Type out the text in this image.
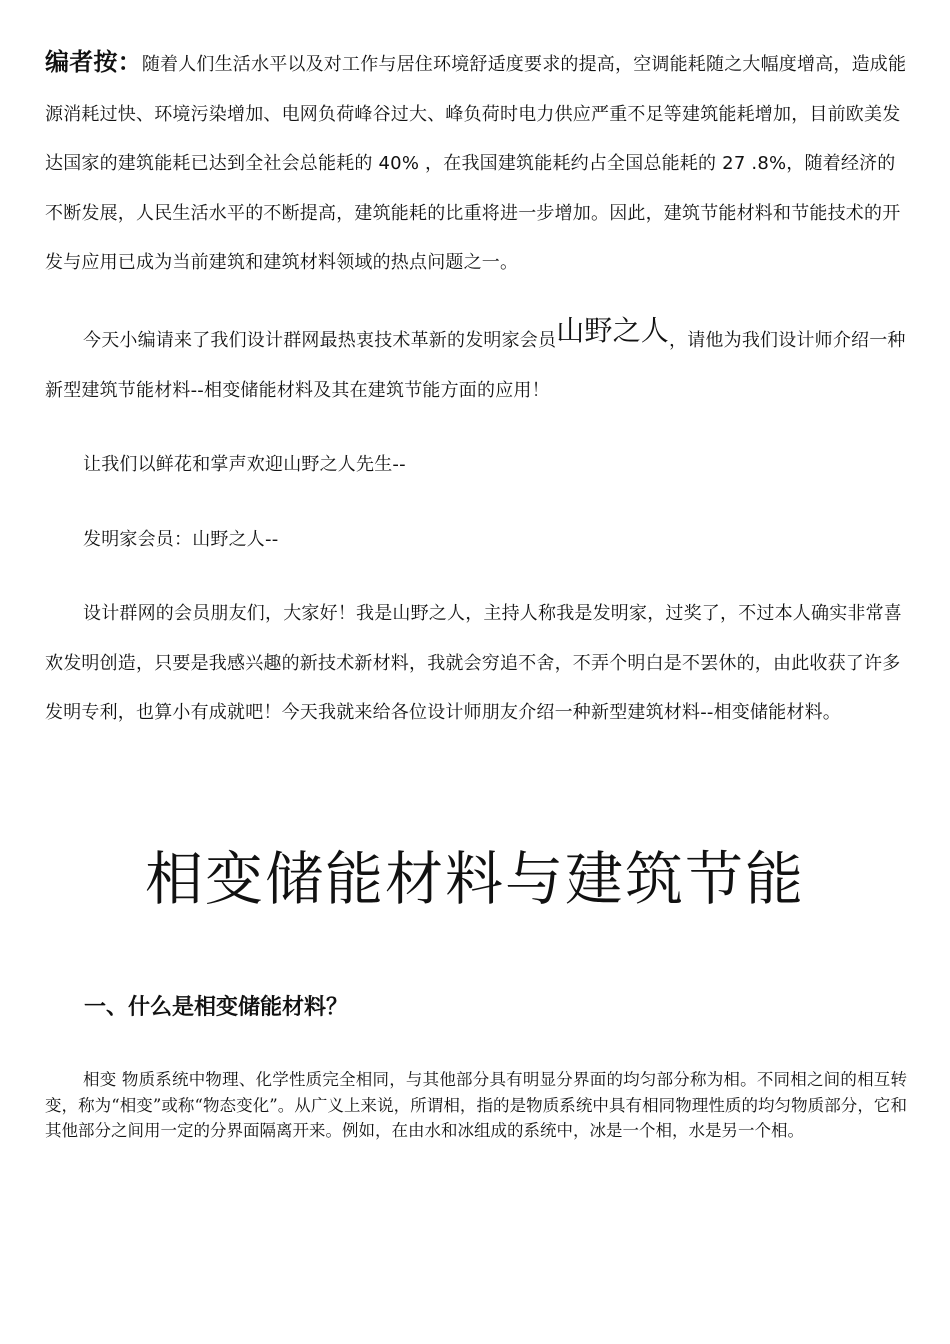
编者按：随着人们生活水平以及对工作与居住环境舒适度要求的提高，空调能耗随之大幅度增高，造成能源消耗过快、环境污染增加、电网负荷峰谷过大、峰负荷时电力供应严重不足等建筑能耗增加，目前欧美发达国家的建筑能耗已达到全社会总能耗的 40% ，在我国建筑能耗约占全国总能耗的 27 .8%，随着经济的不断发展，人民生活水平的不断提高，建筑能耗的比重将进一步增加。因此，建筑节能材料和节能技术的开发与应用已成为当前建筑和建筑材料领域的热点问题之一。

今天小编请来了我们设计群网最热衷技术革新的发明家会员山野之人，请他为我们设计师介绍一种新型建筑节能材料--相变储能材料及其在建筑节能方面的应用！

让我们以鲜花和掌声欢迎山野之人先生--

发明家会员：山野之人--

设计群网的会员朋友们，大家好！我是山野之人，主持人称我是发明家，过奖了，不过本人确实非常喜欢发明创造，只要是我感兴趣的新技术新材料，我就会穷追不舍，不弄个明白是不罢休的，由此收获了许多发明专利，也算小有成就吧！今天我就来给各位设计师朋友介绍一种新型建筑材料--相变储能材料。

相变储能材料与建筑节能
一、什么是相变储能材料？

相变 物质系统中物理、化学性质完全相同，与其他部分具有明显分界面的均匀部分称为相。不同相之间的相互转变，称为“相变”或称“物态变化”。从广义上来说，所谓相，指的是物质系统中具有相同物理性质的均匀物质部分，它和其他部分之间用一定的分界面隔离开来。例如，在由水和冰组成的系统中，冰是一个相，水是另一个相。
